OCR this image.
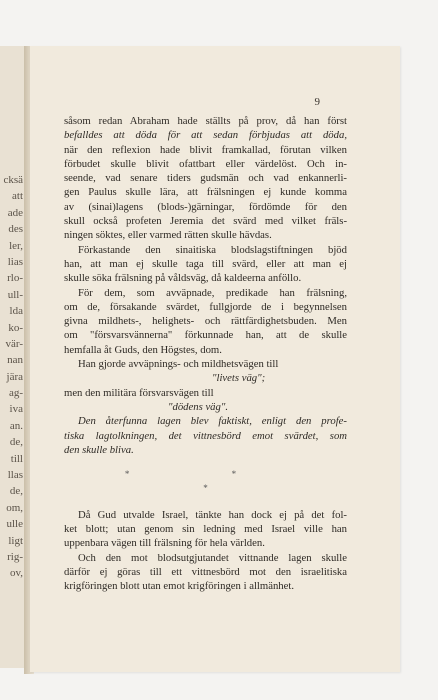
cksä
att
ade
des
ler,
lias
rlo-
ull-
lda
ko-
vär-
nan
jära
ag-
iva
an.
de,
till
llas
de,
om,
ulle
ligt
rig-
ov,
9
såsom redan Abraham hade ställts på prov, då han först
befalldes att döda för att sedan förbjudas att döda,
när den reflexion hade blivit framkallad, förutan vilken
förbudet skulle blivit ofattbart eller värdelöst. Och in-
seende, vad senare tiders gudsmän och vad enkannerli-
gen Paulus skulle lära, att frälsningen ej kunde komma
av (sinai)lagens (blods-)gärningar, fördömde för den
skull också profeten Jeremia det svärd med vilket fräls-
ningen söktes, eller varmed rätten skulle hävdas.
Förkastande den sinaitiska blodslagstiftningen bjöd
han, att man ej skulle taga till svärd, eller att man ej
skulle söka frälsning på våldsväg, då kaldeerna anföllo.
För dem, som avväpnade, predikade han frälsning,
om de, försakande svärdet, fullgjorde de i begynnelsen
givna mildhets-, helighets- och rättfärdighetsbuden. Men
om "försvarsvännerna" förkunnade han, att de skulle
hemfalla åt Guds, den Högstes, dom.
Han gjorde avväpnings- och mildhetsvägen till
"livets väg";
men den militära försvarsvägen till
"dödens väg".
Den återfunna lagen blev faktiskt, enligt den profe-
tiska lagtolkningen, det vittnesbörd emot svärdet, som
den skulle bliva.
* *
*
Då Gud utvalde Israel, tänkte han dock ej på det fol-
ket blott; utan genom sin ledning med Israel ville han
uppenbara vägen till frälsning för hela världen.
Och den mot blodsutgjutandet vittnande lagen skulle
därför ej göras till ett vittnesbörd mot den israelitiska
krigföringen blott utan emot krigföringen i allmänhet.
